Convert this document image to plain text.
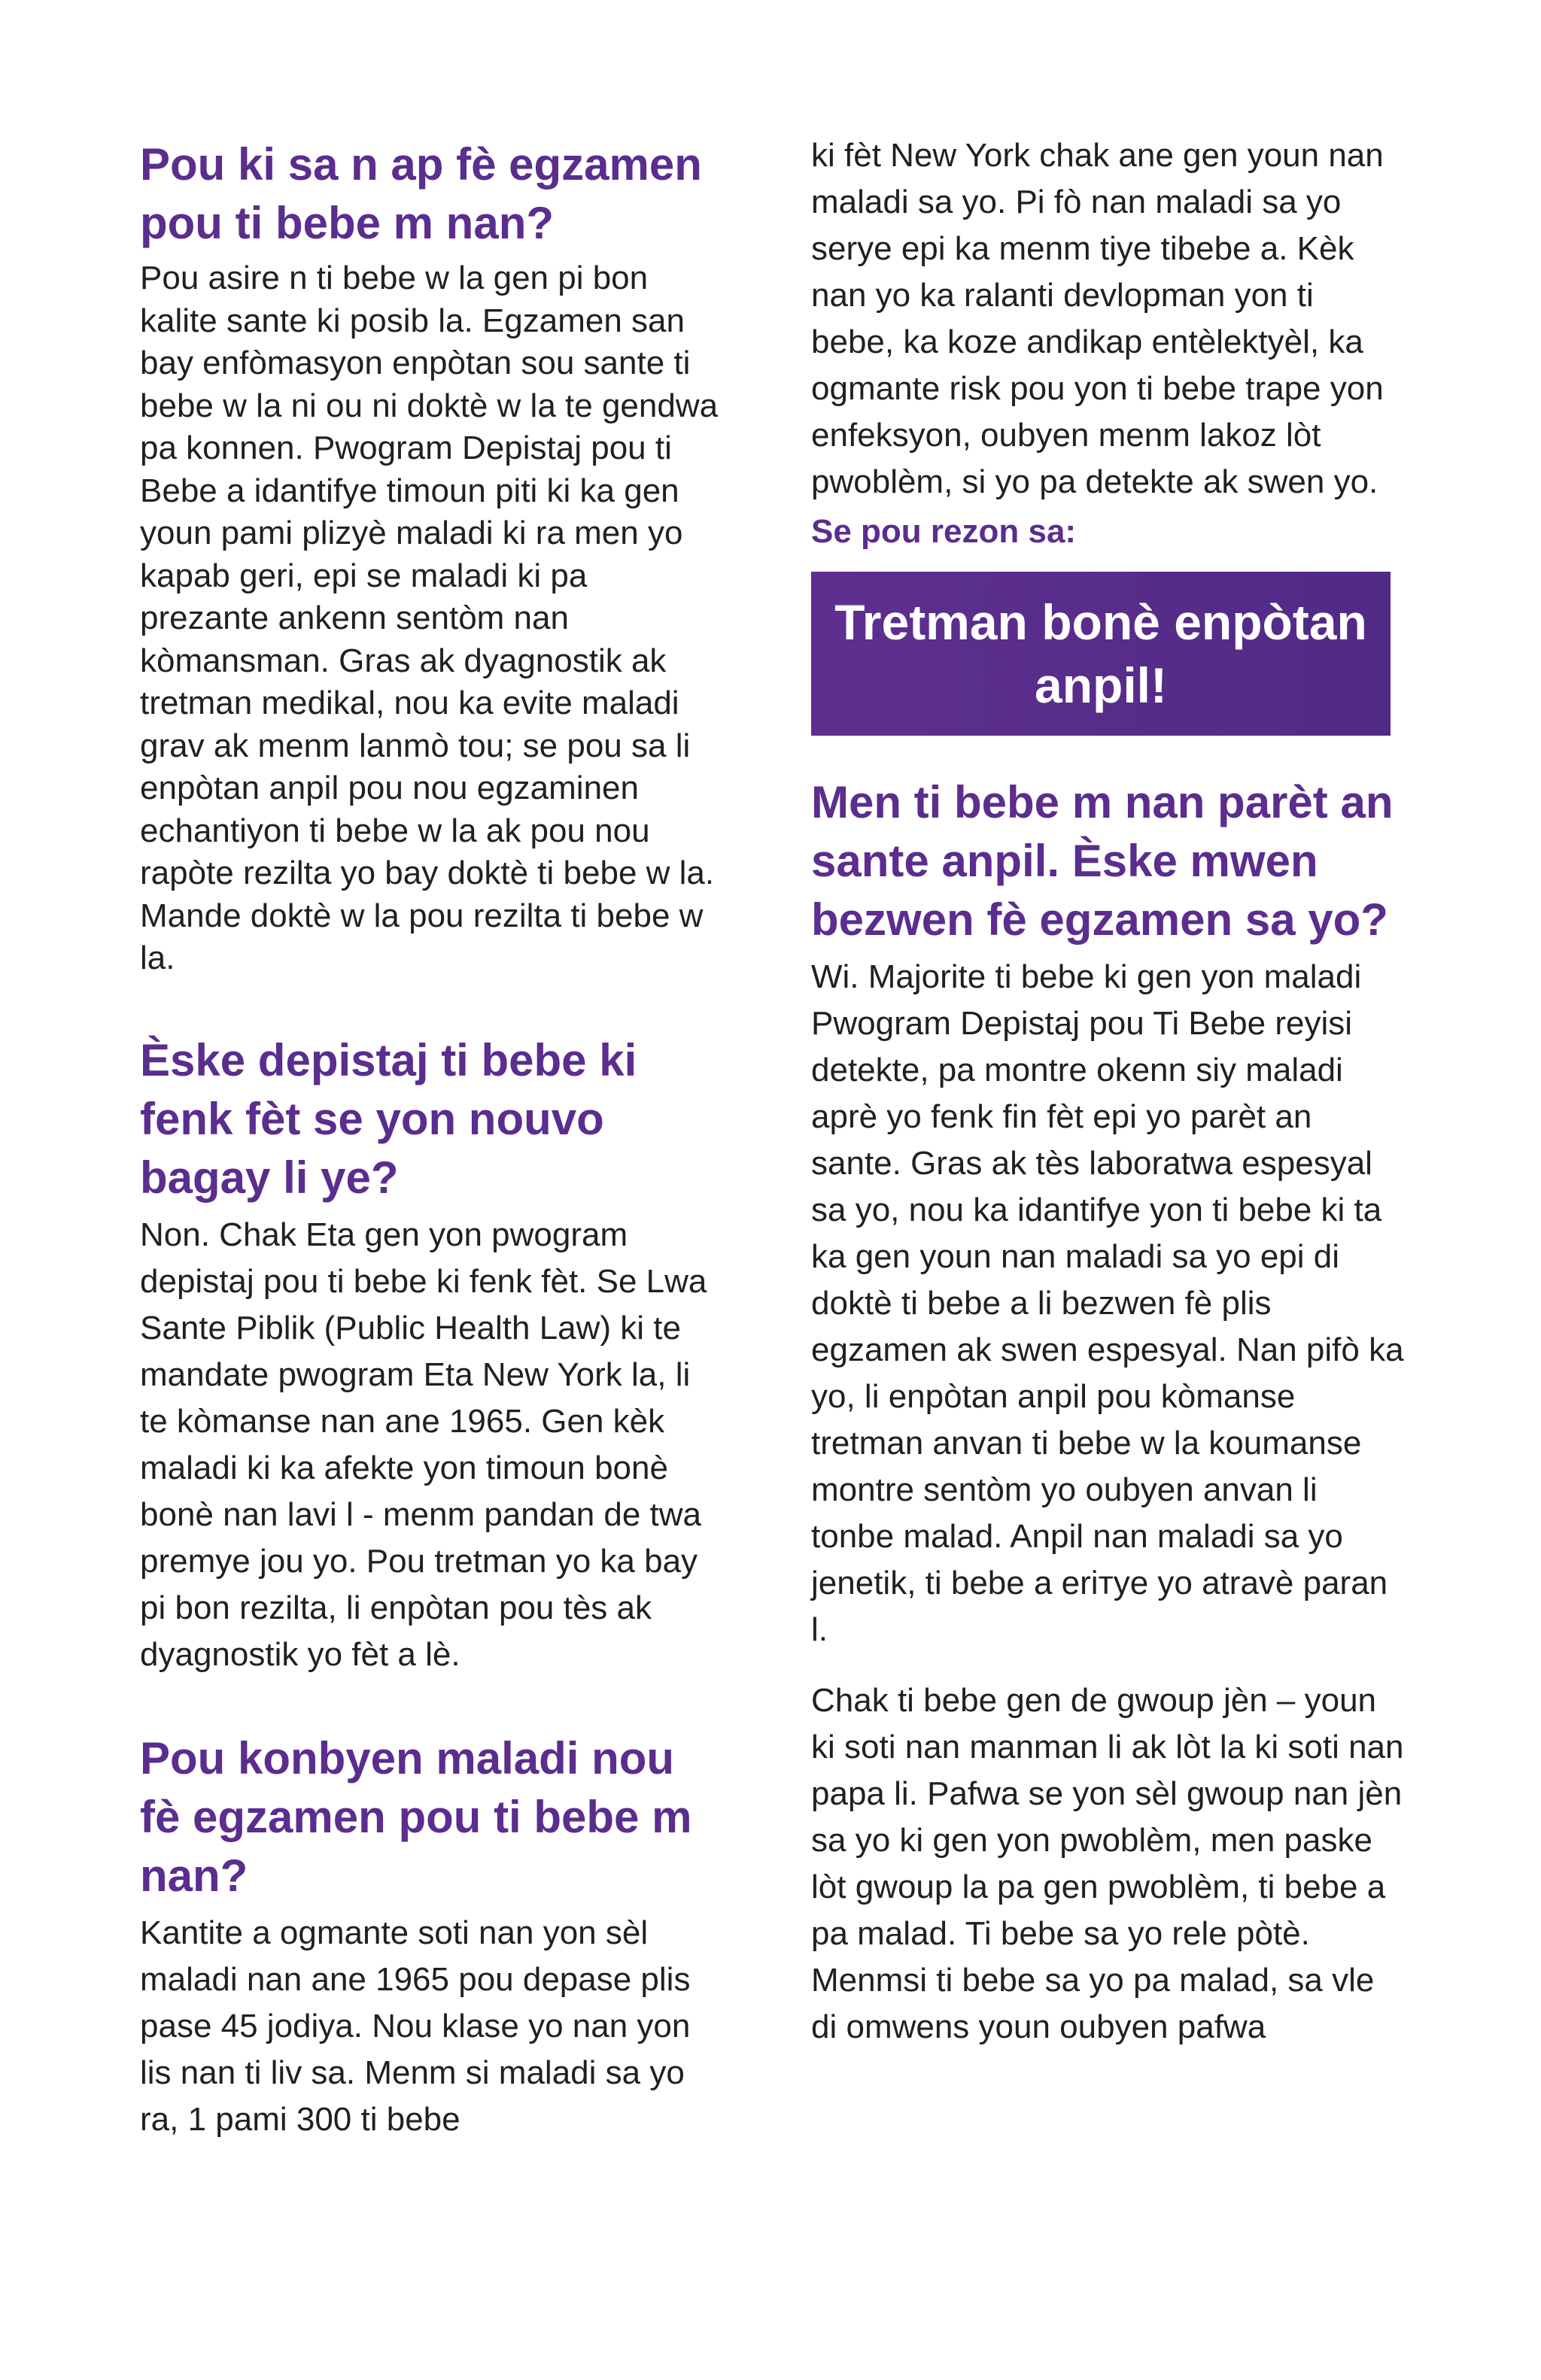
Pou ki sa n ap fè egzamen pou ti bebe m nan?

Pou asire n ti bebe w la gen pi bon kalite sante ki posib la. Egzamen san bay enfòmasyon enpòtan sou sante ti bebe w la ni ou ni doktè w la te gendwa pa konnen. Pwogram Depistaj pou ti Bebe a idantifye timoun piti ki ka gen youn pami plizyè maladi ki ra men yo kapab geri, epi se maladi ki pa prezante ankenn sentòm nan kòmansman. Gras ak dyagnostik ak tretman medikal, nou ka evite maladi grav ak menm lanmò tou; se pou sa li enpòtan anpil pou nou egzaminen echantiyon ti bebe w la ak pou nou rapòte rezilta yo bay doktè ti bebe w la. Mande doktè w la pou rezilta ti bebe w la.

Èske depistaj ti bebe ki fenk fèt se yon nouvo bagay li ye?

Non. Chak Eta gen yon pwogram depistaj pou ti bebe ki fenk fèt. Se Lwa Sante Piblik (Public Health Law) ki te mandate pwogram Eta New York la, li te kòmanse nan ane 1965. Gen kèk maladi ki ka afekte yon timoun bonè bonè nan lavi l - menm pandan de twa premye jou yo. Pou tretman yo ka bay pi bon rezilta, li enpòtan pou tès ak dyagnostik yo fèt a lè.

Pou konbyen maladi nou fè egzamen pou ti bebe m nan?

Kantite a ogmante soti nan yon sèl maladi nan ane 1965 pou depase plis pase 45 jodiya. Nou klase yo nan yon lis nan ti liv sa. Menm si maladi sa yo ra, 1 pami 300 ti bebe

ki fèt New York chak ane gen youn nan maladi sa yo. Pi fò nan maladi sa yo serye epi ka menm tiye tibebe a. Kèk nan yo ka ralanti devlopman yon ti bebe, ka koze andikap entèlektyèl, ka ogmante risk pou yon ti bebe trape yon enfeksyon, oubyen menm lakoz lòt pwoblèm, si yo pa detekte ak swen yo.

Se pou rezon sa:

Tretman bonè enpòtan anpil!
Men ti bebe m nan parèt an sante anpil. Èske mwen bezwen fè egzamen sa yo?

Wi. Majorite ti bebe ki gen yon maladi Pwogram Depistaj pou Ti Bebe reyisi detekte, pa montre okenn siy maladi aprè yo fenk fin fèt epi yo parèt an sante. Gras ak tès laboratwa espesyal sa yo, nou ka idantifye yon ti bebe ki ta ka gen youn nan maladi sa yo epi di doktè ti bebe a li bezwen fè plis egzamen ak swen espesyal. Nan pifò ka yo, li enpòtan anpil pou kòmanse tretman anvan ti bebe w la koumanse montre sentòm yo oubyen anvan li tonbe malad. Anpil nan maladi sa yo jenetik, ti bebe a erітye yo atravè paran l.

Chak ti bebe gen de gwoup jèn – youn ki soti nan manman li ak lòt la ki soti nan papa li. Pafwa se yon sèl gwoup nan jèn sa yo ki gen yon pwoblèm, men paske lòt gwoup la pa gen pwoblèm, ti bebe a pa malad. Ti bebe sa yo rele pòtè. Menmsi ti bebe sa yo pa malad, sa vle di omwens youn oubyen pafwa
